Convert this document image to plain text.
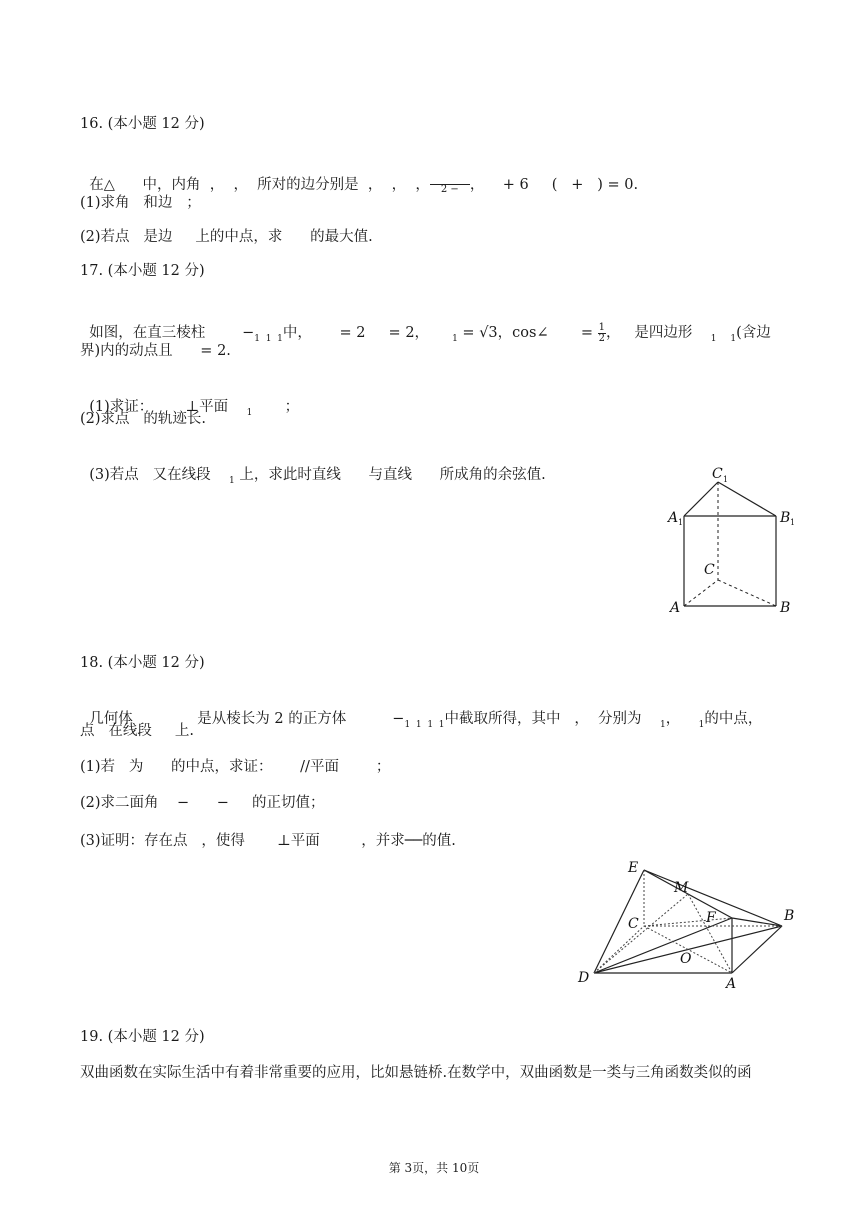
16. (本小题 12 分)

在△      中，内角  ，  ，  所对的边分别是  ，  ，  ，	2 − ，    + 6     (   +   ) = 0.

(1)求角   和边   ；
(2)若点   是边     上的中点，求      的最大值.
17. (本小题 12 分)

如图，在直三棱柱        $-_{1 1 1}$中，      = 2     = 2，     $_1$ = √3，cos∠       = $\frac{1}{2}$ ，   是四边形    $_1$ $_1$(含边

界)内的动点且      = 2.

(1)求证：       ⊥平面    $_1$       ；

(2)求点   的轨迹长.

(3)若点   又在线段    $_1$ 上，求此时直线      与直线      所成角的余弦值.	C 1
A 1	B 1
C
A	B
18. (本小题 12 分)

几何体              是从棱长为 2 的正方体          $-_{1 1 1 1}$中截取所得，其中   ，  分别为    $_1$，    $_1$的中点，

点   在线段     上.
(1)若   为      的中点，求证：      //平面        ；
(2)求二面角    −      −     的正切值；
(3)证明：存在点   ，使得       ⊥平面         ，并求──的值.
E
M
F	B
C
O
D	A
19. (本小题 12 分)
双曲函数在实际生活中有着非常重要的应用，比如悬链桥.在数学中，双曲函数是一类与三角函数类似的函
第 3页，共 10页
